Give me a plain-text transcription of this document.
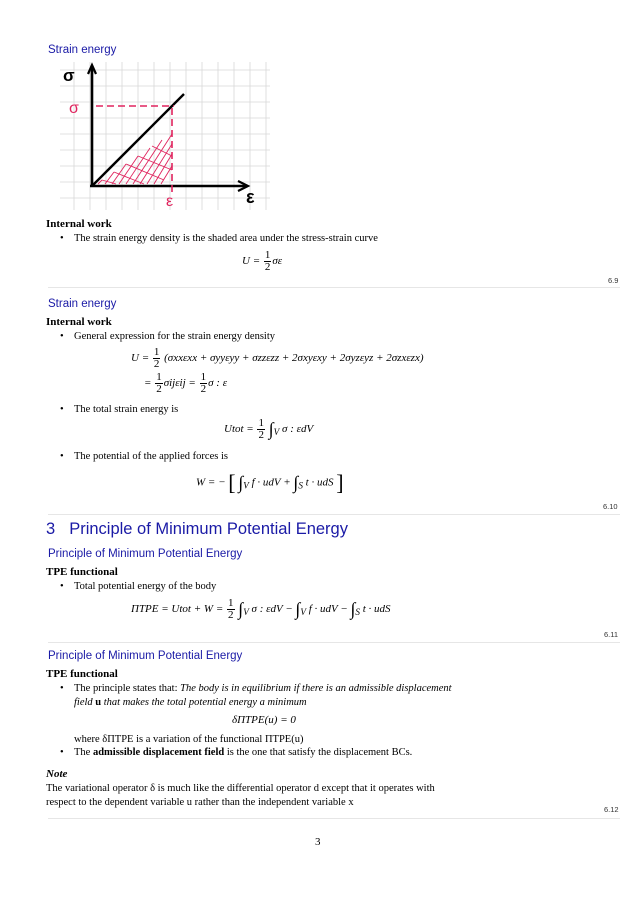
Strain energy
σ
ε
σ
ε
Internal work
• The strain energy density is the shaded area under the stress-strain curve
$U = \frac{1}{2}$ σε
6.9
Strain energy
Internal work
• General expression for the strain energy density
$U = \frac{1}{2} (\sigma xx\varepsilon xx + \sigma yy\varepsilon yy + \sigma zz\varepsilon zz + 2\sigma xy\varepsilon xy + 2\sigma yz\varepsilon yz + 2\sigma zx\varepsilon zx)$
= $\frac{1}{2}$ $\sigma ij\varepsilon ij = \frac{1}{2}$ σ : ε
• The total strain energy is
Utot = $\frac{1}{2} \int_V$ σ : εdV
• The potential of the applied forces is
W = − [ $\int_V$ f · udV + $\int_S$ t · udS ]
6.10
3 Principle of Minimum Potential Energy
Principle of Minimum Potential Energy
TPE functional
• Total potential energy of the body
ΠTPE = Utot + $W = \frac{1}{2} \int_V$ σ : $\varepsilon dV - \int_V$ f · udV − $\int_S$ t · udS
6.11
Principle of Minimum Potential Energy
TPE functional
• The principle states that: The body is in equilibrium if there is an admissible displacement
field u that makes the total potential energy a minimum
δΠTPE(u) = 0
where δΠTPE is a variation of the functional ΠTPE(u)
• The admissible displacement field is the one that satisfy the displacement BCs.
Note
The variational operator δ is much like the differential operator d except that it operates with
respect to the dependent variable u rather than the independent variable x
6.12
3
